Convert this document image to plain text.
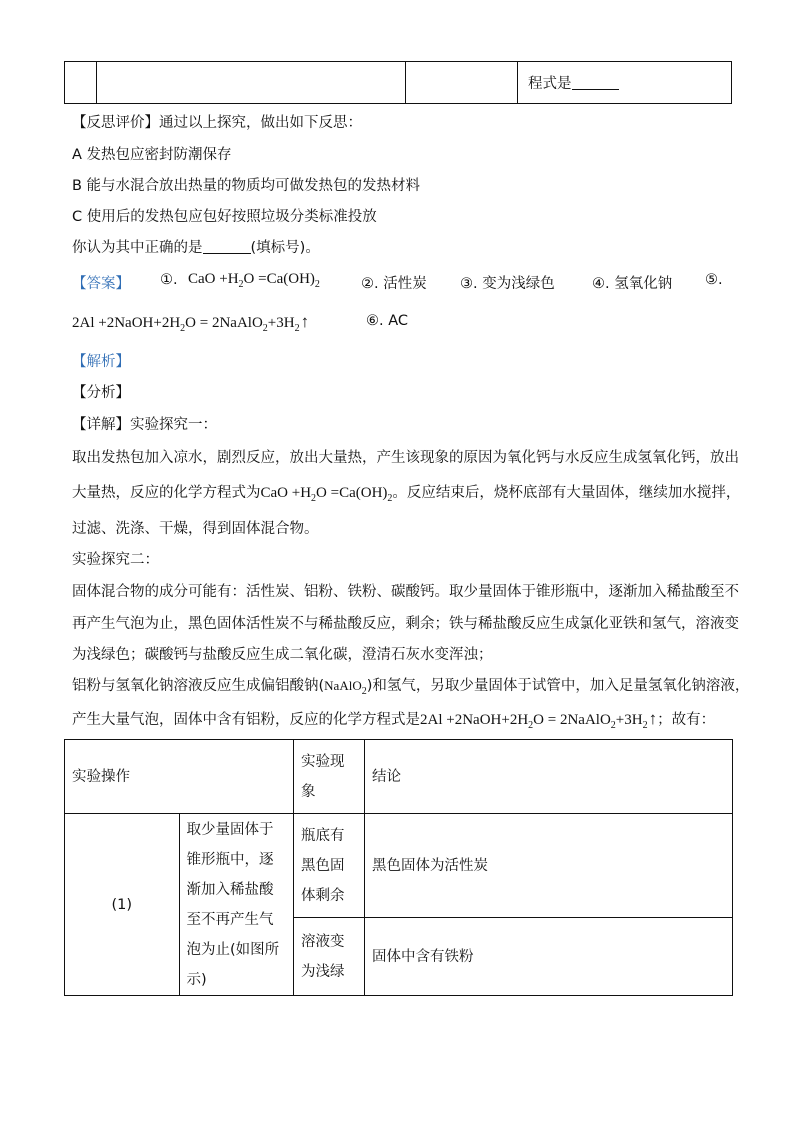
			程式是
【反思评价】通过以上探究，做出如下反思：
A 发热包应密封防潮保存
B 能与水混合放出热量的物质均可做发热包的发热材料
C 使用后的发热包应包好按照垃圾分类标准投放
你认为其中正确的是	(填标号)。
【答案】 ①. CaO $+H_2O =Ca(OH)_2$	②. 活性炭 ③. 变为浅绿色	④. 氢氧化钠 ⑤.
$2Al +2NaOH+2H_2O$ = $2NaAlO_2+3H_2↑$	⑥. AC
【解析】
【分析】
【详解】实验探究一：
取出发热包加入凉水，剧烈反应，放出大量热，产生该现象的原因为氧化钙与水反应生成氢氧化钙，放出
大量热，反应的化学方程式为CaO $+H_2O =Ca(OH)_2$。反应结束后，烧杯底部有大量固体，继续加水搅拌，
过滤、洗涤、干燥，得到固体混合物。
实验探究二：
固体混合物的成分可能有：活性炭、铝粉、铁粉、碳酸钙。取少量固体于锥形瓶中，逐渐加入稀盐酸至不
再产生气泡为止，黑色固体活性炭不与稀盐酸反应，剩余；铁与稀盐酸反应生成氯化亚铁和氢气，溶液变
为浅绿色；碳酸钙与盐酸反应生成二氧化碳，澄清石灰水变浑浊；
铝粉与氢氧化钠溶液反应生成偏铝酸钠(NaAlO$_2$)和氢气，另取少量固体于试管中，加入足量氢氧化钠溶液，
产生大量气泡，固体中含有铝粉，反应的化学方程式是$2Al +2NaOH+2H_2O$ = $2NaAlO_2+3H_2↑$；故有：
实验操作		实验现象	结论

(1)	取少量固体于锥形瓶中，逐渐加入稀盐酸至不再产生气泡为止(如图所示)	瓶底有黑色固体剩余	黑色固体为活性炭

		溶液变为浅绿	固体中含有铁粉
